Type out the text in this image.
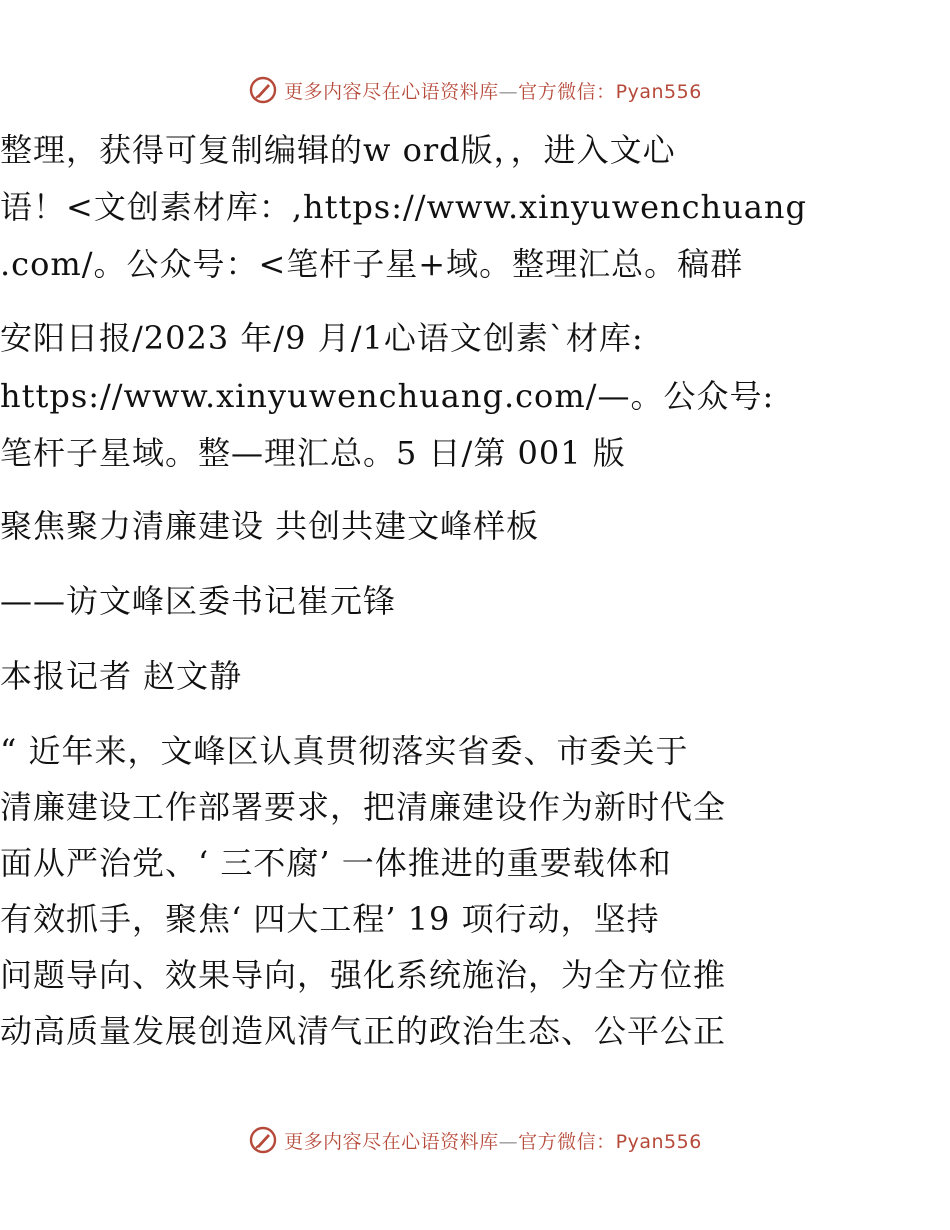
更多内容尽在心语资料库—官方微信：Pyan556
整理，获得可复制编辑的w ord版，，进入文心
语！<文创素材库：,https://www.xinyuwenchuang
.com/。公众号：<笔杆子星+域。整理汇总。稿群
安阳日报/2023 年/9 月/1心语文创素`材库:
https://www.xinyuwenchuang.com/—。公众号:
笔杆子星域。整—理汇总。5 日/第 001 版
聚焦聚力清廉建设 共创共建文峰样板
——访文峰区委书记崔元锋
本报记者 赵文静
“ 近年来，文峰区认真贯彻落实省委、市委关于
清廉建设工作部署要求，把清廉建设作为新时代全
面从严治党、‘ 三不腐’ 一体推进的重要载体和
有效抓手，聚焦‘ 四大工程’ 19 项行动，坚持
问题导向、效果导向，强化系统施治，为全方位推
动高质量发展创造风清气正的政治生态、公平公正
更多内容尽在心语资料库—官方微信：Pyan556
